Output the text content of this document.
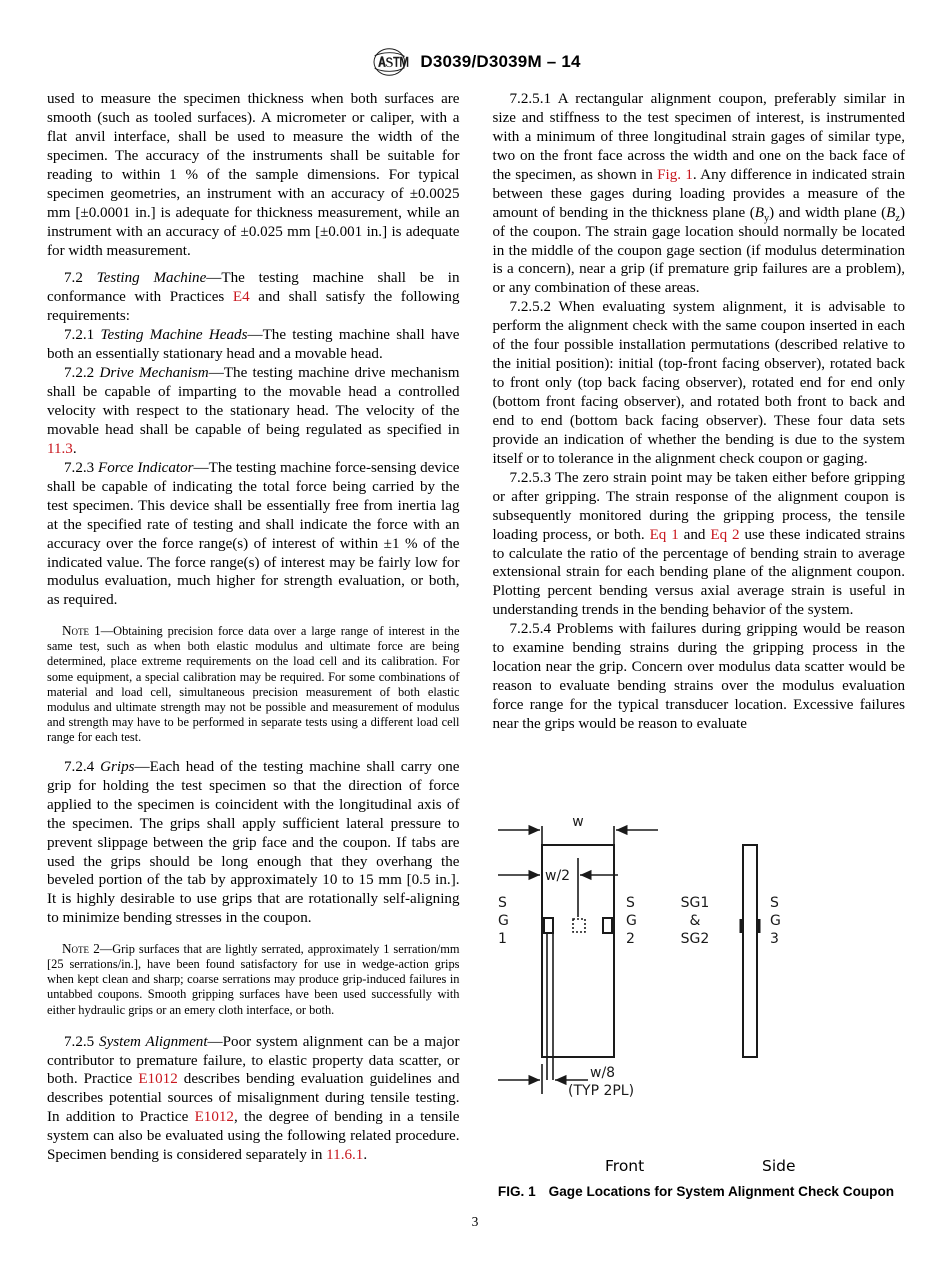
D3039/D3039M – 14

used to measure the specimen thickness when both surfaces are smooth (such as tooled surfaces). A micrometer or caliper, with a flat anvil interface, shall be used to measure the width of the specimen. The accuracy of the instruments shall be suitable for reading to within 1 % of the sample dimensions. For typical specimen geometries, an instrument with an accuracy of ±0.0025 mm [±0.0001 in.] is adequate for thickness measurement, while an instrument with an accuracy of ±0.025 mm [±0.001 in.] is adequate for width measurement.

7.2 Testing Machine—The testing machine shall be in conformance with Practices E4 and shall satisfy the following requirements:

7.2.1 Testing Machine Heads—The testing machine shall have both an essentially stationary head and a movable head.

7.2.2 Drive Mechanism—The testing machine drive mechanism shall be capable of imparting to the movable head a controlled velocity with respect to the stationary head. The velocity of the movable head shall be capable of being regulated as specified in 11.3.

7.2.3 Force Indicator—The testing machine force-sensing device shall be capable of indicating the total force being carried by the test specimen. This device shall be essentially free from inertia lag at the specified rate of testing and shall indicate the force with an accuracy over the force range(s) of interest of within ±1 % of the indicated value. The force range(s) of interest may be fairly low for modulus evaluation, much higher for strength evaluation, or both, as required.

Note 1—Obtaining precision force data over a large range of interest in the same test, such as when both elastic modulus and ultimate force are being determined, place extreme requirements on the load cell and its calibration. For some equipment, a special calibration may be required. For some combinations of material and load cell, simultaneous precision measurement of both elastic modulus and ultimate strength may not be possible and measurement of modulus and strength may have to be performed in separate tests using a different load cell range for each test.

7.2.4 Grips—Each head of the testing machine shall carry one grip for holding the test specimen so that the direction of force applied to the specimen is coincident with the longitudinal axis of the specimen. The grips shall apply sufficient lateral pressure to prevent slippage between the grip face and the coupon. If tabs are used the grips should be long enough that they overhang the beveled portion of the tab by approximately 10 to 15 mm [0.5 in.]. It is highly desirable to use grips that are rotationally self-aligning to minimize bending stresses in the coupon.

Note 2—Grip surfaces that are lightly serrated, approximately 1 serration/mm [25 serrations/in.], have been found satisfactory for use in wedge-action grips when kept clean and sharp; coarse serrations may produce grip-induced failures in untabbed coupons. Smooth gripping surfaces have been used successfully with either hydraulic grips or an emery cloth interface, or both.

7.2.5 System Alignment—Poor system alignment can be a major contributor to premature failure, to elastic property data scatter, or both. Practice E1012 describes bending evaluation guidelines and describes potential sources of misalignment during tensile testing. In addition to Practice E1012, the degree of bending in a tensile system can also be evaluated using the following related procedure. Specimen bending is considered separately in 11.6.1.

7.2.5.1 A rectangular alignment coupon, preferably similar in size and stiffness to the test specimen of interest, is instrumented with a minimum of three longitudinal strain gages of similar type, two on the front face across the width and one on the back face of the specimen, as shown in Fig. 1. Any difference in indicated strain between these gages during loading provides a measure of the amount of bending in the thickness plane $(B_y)$ and width plane $(B_z)$ of the coupon. The strain gage location should normally be located in the middle of the coupon gage section (if modulus determination is a concern), near a grip (if premature grip failures are a problem), or any combination of these areas.

7.2.5.2 When evaluating system alignment, it is advisable to perform the alignment check with the same coupon inserted in each of the four possible installation permutations (described relative to the initial position): initial (top-front facing observer), rotated back to front only (top back facing observer), rotated end for end only (bottom front facing observer), and rotated both front to back and end to end (bottom back facing observer). These four data sets provide an indication of whether the bending is due to the system itself or to tolerance in the alignment check coupon or gaging.

7.2.5.3 The zero strain point may be taken either before gripping or after gripping. The strain response of the alignment coupon is subsequently monitored during the gripping process, the tensile loading process, or both. Eq 1 and Eq 2 use these indicated strains to calculate the ratio of the percentage of bending strain to average extensional strain for each bending plane of the alignment coupon. Plotting percent bending versus axial average strain is useful in understanding trends in the bending behavior of the system.

7.2.5.4 Problems with failures during gripping would be reason to examine bending strains during the gripping process in the location near the grip. Concern over modulus data scatter would be reason to evaluate bending strains over the modulus evaluation force range for the typical transducer location. Excessive failures near the grips would be reason to evaluate

w
w/2
w/8
(TYP 2PL)
S
G
1
S
G
2
SG1
&
SG2
S
G
3
Front	Side
FIG. 1 Gage Locations for System Alignment Check Coupon
3
